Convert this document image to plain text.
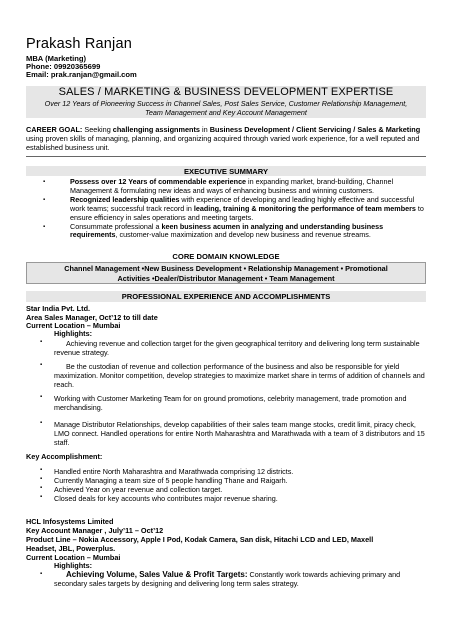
Prakash Ranjan
MBA (Marketing)
Phone: 09920365699
Email: prak.ranjan@gmail.com
SALES / MARKETING & BUSINESS DEVELOPMENT EXPERTISE
Over 12 Years of Pioneering Success in Channel Sales, Post Sales Service, Customer Relationship Management,
Team Management and Key Account Management
CAREER GOAL: Seeking challenging assignments in Business Development / Client Servicing / Sales & Marketing using proven skills of managing, planning, and organizing acquired through varied work experience, for a well reputed and established business unit.
EXECUTIVE SUMMARY
▪	Possess over 12 Years of commendable experience in expanding market, brand-building, Channel Management & formulating new ideas and ways of enhancing business and winning customers.
▪	Recognized leadership qualities with experience of developing and leading highly effective and successful work teams; successful track record in leading, training & monitoring the performance of team members to ensure efficiency in sales operations and meeting targets.
▪	Consummate professional a keen business acumen in analyzing and understanding business requirements, customer-value maximization and develop new business and revenue streams.
CORE DOMAIN KNOWLEDGE
Channel Management •New Business Development • Relationship Management • Promotional
Activities •Dealer/Distributor Management • Team Management
PROFESSIONAL EXPERIENCE AND ACCOMPLISHMENTS
Star India Pvt. Ltd.
Area Sales Manager, Oct’12 to till date
Current Location – Mumbai
Highlights:
▪	Achieving revenue and collection target for the given geographical territory and delivering long term sustainable revenue strategy.
▪	Be the custodian of revenue and collection performance of the business and also be responsible for yield maximization. Monitor competition, develop strategies to maximize market share in terms of addition of channels and reach.
▪ Working with Customer Marketing Team for on ground promotions, celebrity management, trade promotion and merchandising.
▪ Manage Distributor Relationships, develop capabilities of their sales team mange stocks, credit limit, piracy check, LMO connect. Handled operations for entire North Maharashtra and Marathwada with a team of 3 distributors and 15 staff.
Key Accomplishment:
▪ Handled entire North Maharashtra and Marathwada comprising 12 districts.
▪ Currently Managing a team size of 5 people handling Thane and Raigarh.
▪ Achieved Year on year revenue and collection target.
▪ Closed deals for key accounts who contributes major revenue sharing.
HCL Infosystems Limited
Key Account Manager , July’11 – Oct’12
Product Line – Nokia Accessory, Apple I Pod, Kodak Camera, San disk, Hitachi LCD and LED, Maxell
Headset, JBL, Powerplus.
Current Location – Mumbai
Highlights:
▪	Achieving Volume, Sales Value & Profit Targets: Constantly work towards achieving primary and secondary sales targets by designing and delivering long term sales strategy.
